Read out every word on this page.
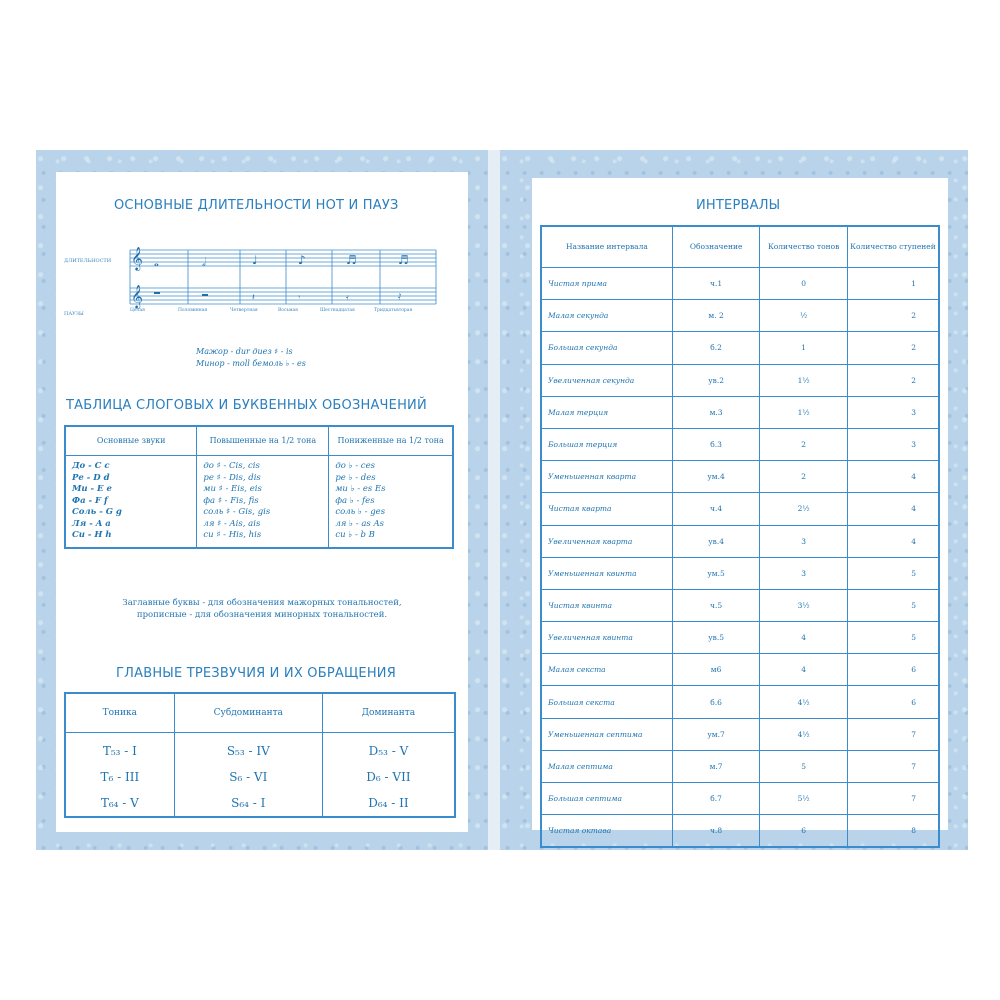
ОСНОВНЫЕ ДЛИТЕЛЬНОСТИ НОТ И ПАУЗ
ДЛИТЕЛЬНОСТИ
ПАУЗЫ
𝄞
𝄞
𝅝	𝅗𝅥	♩	♪	♬	♬
𝄽	𝄾	𝄿	𝅀
Целая	Половинная	Четвертная	Восьмая	Шестнадцатая	Тридцатьвторая
Мажор - dur диез ♯ - is
Минор - moll бемоль ♭ - es
ТАБЛИЦА СЛОГОВЫХ И БУКВЕННЫХ ОБОЗНАЧЕНИЙ
Основные звуки	Повышенные на 1/2 тона	Пониженные на 1/2 тона
До - C c	до ♯ - Cis, cis	до ♭ - ces
Ре - D d	ре ♯ - Dis, dis	ре ♭ - des
Ми - E e	ми ♯ - Eis, eis	ми ♭ - es Es
Фа - F f	фа ♯ - Fis, fis	фа ♭ - fes
Соль - G g	соль ♯ - Gis, gis	соль ♭ - ges
Ля - A a	ля ♯ - Ais, ais	ля ♭ - as As
Си - H h	си ♯ - His, his	си ♭ - b B
Заглавные буквы - для обозначения мажорных тональностей,
прописные - для обозначения минорных тональностей.
ГЛАВНЫЕ ТРЕЗВУЧИЯ И ИХ ОБРАЩЕНИЯ
Тоника	Субдоминанта	Доминанта
T₅₃ - I	S₅₃ - IV	D₅₃ - V
T₆ - III	S₆ - VI	D₆ - VII
T₆₄ - V	S₆₄ - I	D₆₄ - II
ИНТЕРВАЛЫ
Название интервала	Обозначение	Количество тонов	Количество ступеней
Чистая прима	ч.1	0	1
Малая секунда	м. 2	½	2
Большая секунда	б.2	1	2
Увеличенная секунда	ув.2	1½	2
Малая терция	м.3	1½	3
Большая терция	б.3	2	3
Уменьшенная кварта	ум.4	2	4
Чистая кварта	ч.4	2½	4
Увеличенная кварта	ув.4	3	4
Уменьшенная квинта	ум.5	3	5
Чистая квинта	ч.5	3½	5
Увеличенная квинта	ув.5	4	5
Малая секста	м6	4	6
Большая секста	б.6	4½	6
Уменьшенная септима	ум.7	4½	7
Малая септима	м.7	5	7
Большая септима	б.7	5½	7
Чистая октава	ч.8	6	8
